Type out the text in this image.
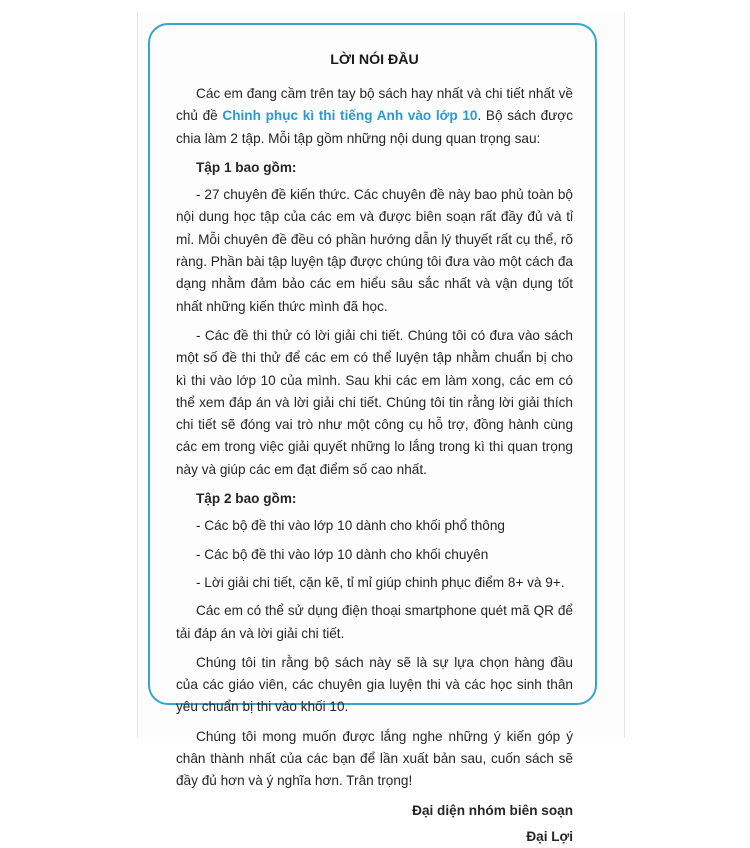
LỜI NÓI ĐẦU

Các em đang cầm trên tay bộ sách hay nhất và chi tiết nhất về chủ đề Chinh phục kì thi tiếng Anh vào lớp 10. Bộ sách được chia làm 2 tập. Mỗi tập gồm những nội dung quan trọng sau:

Tập 1 bao gồm:

- 27 chuyên đề kiến thức. Các chuyên đề này bao phủ toàn bộ nội dung học tập của các em và được biên soạn rất đầy đủ và tỉ mỉ. Mỗi chuyên đề đều có phần hướng dẫn lý thuyết rất cụ thể, rõ ràng. Phần bài tập luyện tập được chúng tôi đưa vào một cách đa dạng nhằm đảm bảo các em hiểu sâu sắc nhất và vận dụng tốt nhất những kiến thức mình đã học.

- Các đề thi thử có lời giải chi tiết. Chúng tôi có đưa vào sách một số đề thi thử để các em có thể luyện tập nhằm chuẩn bị cho kì thi vào lớp 10 của mình. Sau khi các em làm xong, các em có thể xem đáp án và lời giải chi tiết. Chúng tôi tin rằng lời giải thích chi tiết sẽ đóng vai trò như một công cụ hỗ trợ, đồng hành cùng các em trong việc giải quyết những lo lắng trong kì thi quan trọng này và giúp các em đạt điểm số cao nhất.

Tập 2 bao gồm:

- Các bộ đề thi vào lớp 10 dành cho khối phổ thông

- Các bộ đề thi vào lớp 10 dành cho khối chuyên

- Lời giải chi tiết, cặn kẽ, tỉ mỉ giúp chinh phục điểm 8+ và 9+.

Các em có thể sử dụng điện thoại smartphone quét mã QR để tải đáp án và lời giải chi tiết.

Chúng tôi tin rằng bộ sách này sẽ là sự lựa chọn hàng đầu của các giáo viên, các chuyên gia luyện thi và các học sinh thân yêu chuẩn bị thi vào khối 10.

Chúng tôi mong muốn được lắng nghe những ý kiến góp ý chân thành nhất của các bạn để lần xuất bản sau, cuốn sách sẽ đầy đủ hơn và ý nghĩa hơn. Trân trọng!

Đại diện nhóm biên soạn

Đại Lợi
